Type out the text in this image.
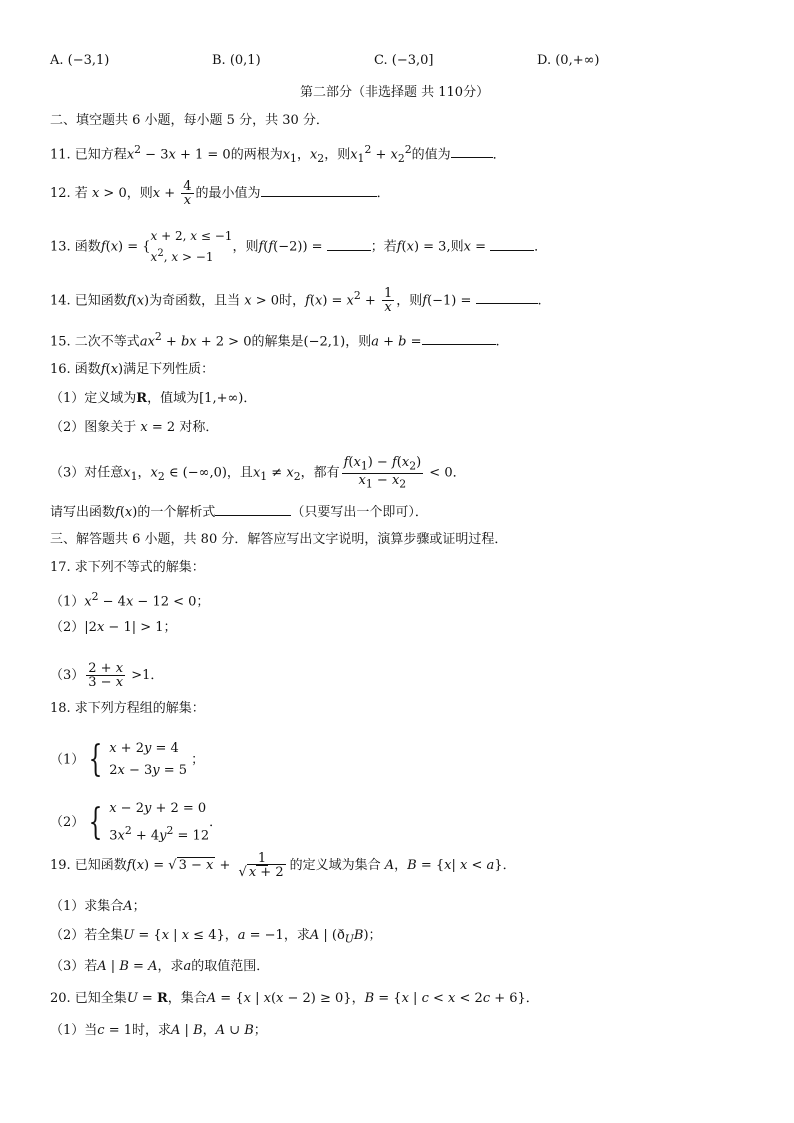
A. (−3,1)	B. (0,1)	C. (−3,0]	D. (0,+∞)
第二部分（非选择题 共 110分）
二、填空题共 6 小题，每小题 5 分，共 30 分．
11. 已知方程$x^2 - 3x + 1 = 0$的两根为$x_1$，$x_2$，则$x_1^2 + x_2^2$的值为	．
12. 若 x > 0，则$x + \frac{4}{x}$ 的最小值为	．
13. 函数f(x) = {
x + 2, x ≤ −1
$x^2$, x > −1
，则f(f(−2)) =	；若f(x) = 3,则x =	．
14. 已知函数f(x)为奇函数，且当 x > 0时，$f(x) = x^2 + \frac{1}{x}$ ，则f(−1) =	.
15. 二次不等式$ax^2$ + bx + 2 > 0的解集是(−2,1)，则a + b =	.
16. 函数f(x)满足下列性质：
（1）定义域为R，值域为[1,+∞)．
（2）图象关于 x = 2 对称．
（3）对任意$x_1$，$x_2$ ∈ (−∞,0)，且$x_1 \ne x_2$，都有 $\frac{f(x_1) - f(x_2)}{x_1 - x_2} < 0$．
请写出函数f(x)的一个解析式	（只要写出一个即可）．
三、解答题共 6 小题，共 80 分．解答应写出文字说明，演算步骤或证明过程．
17. 求下列不等式的解集：
$(1)x^2 - 4x - 12 < 0$；
（2）|2x − 1| > 1；
$(3) \frac{2 + x}{3 - x} >1$．
18. 求下列方程组的解集：
（1） { x + 2y = 4
2x − 3y = 5
；
（2） { x − 2y + 2 = 0
$3x^2 + 4y^2 = 12$
．
19. 已知函数f(x) = √ $3 - x + \frac{1}{√ x + 2}$ 的定义域为集合 A，B = {x| x < a}．
（1）求集合A；
（2）若全集U = {x | x ≤ 4}，a = −1，求A | $(ð_UB)$；
（3）若A | B = A，求a的取值范围．
20. 已知全集U = R，集合A = {x | x(x − 2) ≥ 0}，B = {x | c < x < 2c + 6}．
（1）当c = 1时，求A | B，A ∪ B；
